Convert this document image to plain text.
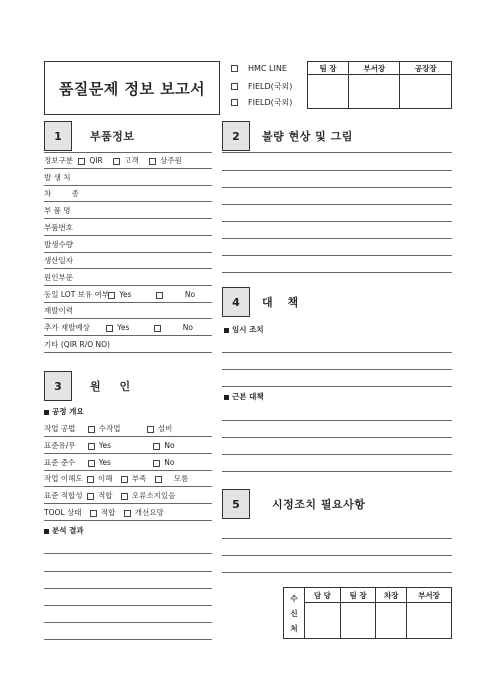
품질문제 정보 보고서
HMC LINE
FIELD(국외)
FIELD(국외)
팀 장	부서장	공장장

1	부품정보
정보구분 QIR	고객	상주원
발 생 처
차 종
부 품 명
부품번호
발생수량
생산일자
원인부문
동일 LOT 보유 여부 Yes	No
재발이력
추가 재발예상	Yes	No
기타 (QIR R/O NO)
3	원 인
공정 개요
작업 공법	수작업	설비
표준유/무	Yes	No
표준 준수	Yes	No
작업 이해도 이해	부족	모름
표준 적합성 적합	오류소지있음
TOOL 상태	적합	개선요망
분석 결과
2	불량 현상 및 그림
4	대 책
임시 조치
근본 대책
5	시정조치 필요사항
수 신 처	담 당	팀 장	차장	부서장
